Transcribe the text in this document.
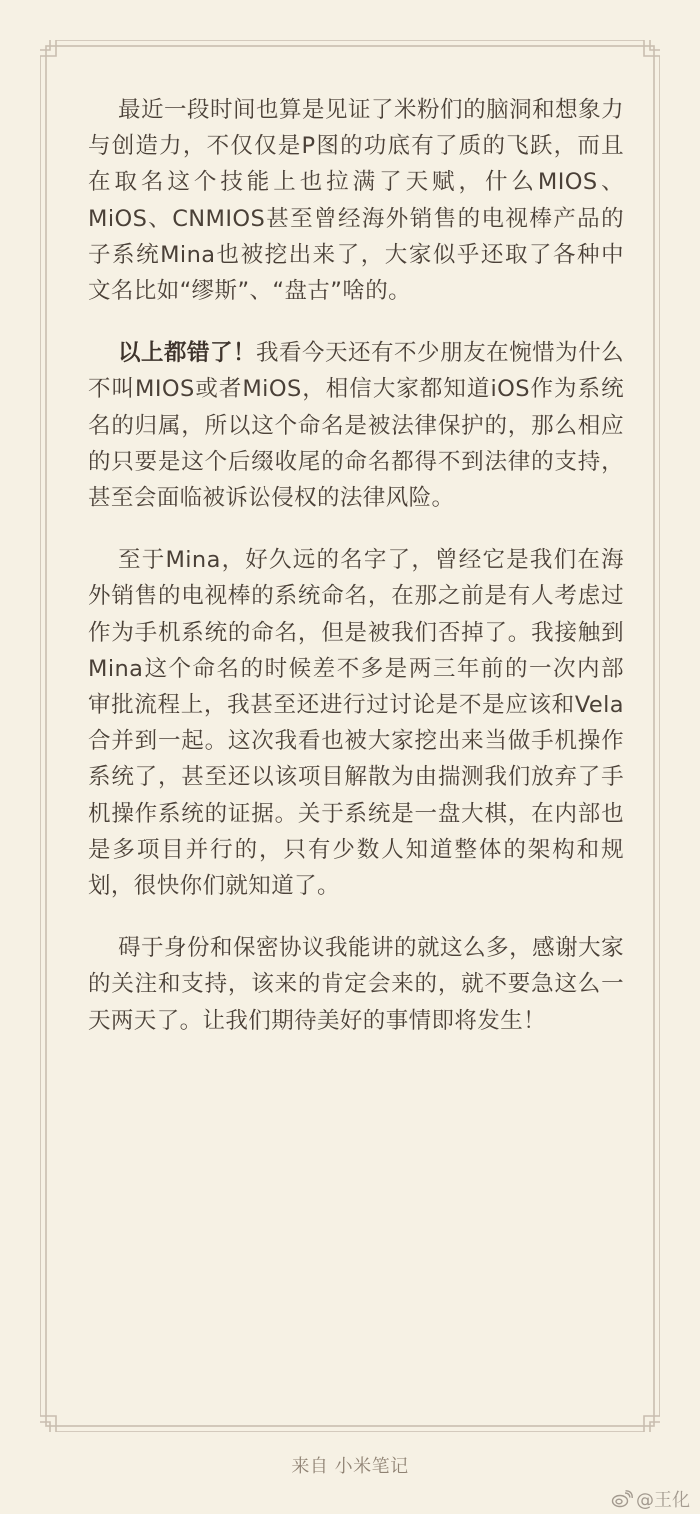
最近一段时间也算是见证了米粉们的脑洞和想象力与创造力，不仅仅是P图的功底有了质的飞跃，而且在取名这个技能上也拉满了天赋，什么MIOS、MiOS、CNMIOS甚至曾经海外销售的电视棒产品的子系统Mina也被挖出来了，大家似乎还取了各种中文名比如“缪斯”、“盘古”啥的。

以上都错了！我看今天还有不少朋友在惋惜为什么不叫MIOS或者MiOS，相信大家都知道iOS作为系统名的归属，所以这个命名是被法律保护的，那么相应的只要是这个后缀收尾的命名都得不到法律的支持，甚至会面临被诉讼侵权的法律风险。

至于Mina，好久远的名字了，曾经它是我们在海外销售的电视棒的系统命名，在那之前是有人考虑过作为手机系统的命名，但是被我们否掉了。我接触到Mina这个命名的时候差不多是两三年前的一次内部审批流程上，我甚至还进行过讨论是不是应该和Vela合并到一起。这次我看也被大家挖出来当做手机操作系统了，甚至还以该项目解散为由揣测我们放弃了手机操作系统的证据。关于系统是一盘大棋，在内部也是多项目并行的，只有少数人知道整体的架构和规划，很快你们就知道了。

碍于身份和保密协议我能讲的就这么多，感谢大家的关注和支持，该来的肯定会来的，就不要急这么一天两天了。让我们期待美好的事情即将发生！

来自 小米笔记
@王化
